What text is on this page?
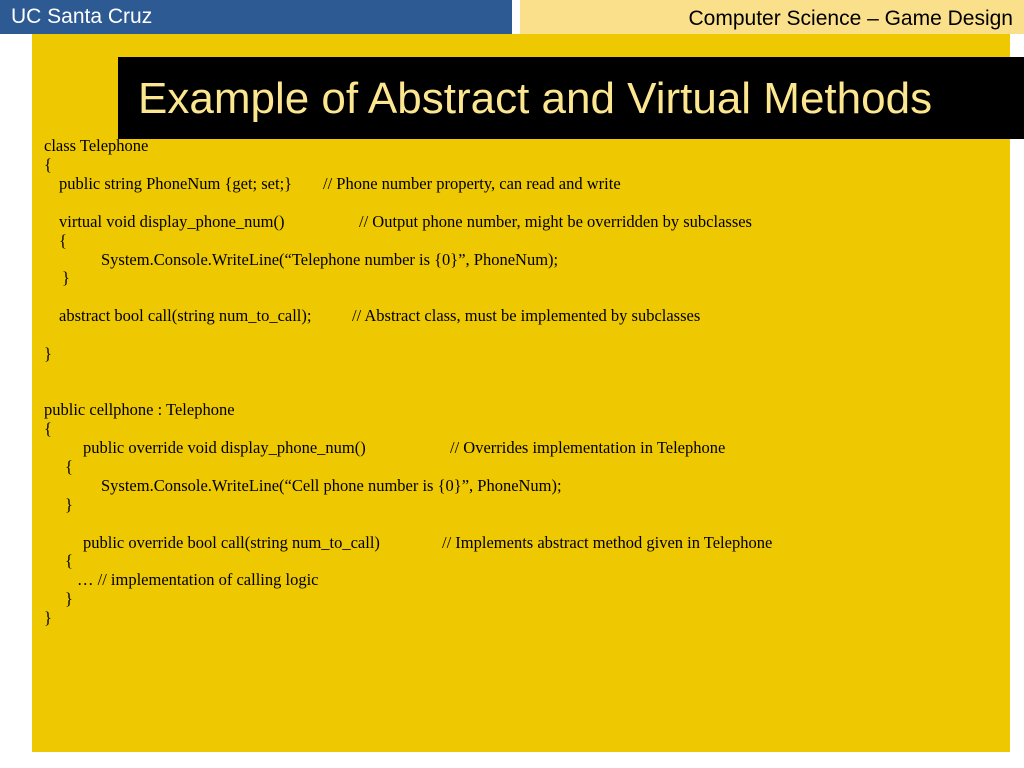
UC Santa Cruz	Computer Science – Game Design
Example of Abstract and Virtual Methods
class Telephone
{
public string PhoneNum {get; set;} // Phone number property, can read and write
virtual void display_phone_num()	// Output phone number, might be overridden by subclasses
{
System.Console.WriteLine(“Telephone number is {0}”, PhoneNum);
}
abstract bool call(string num_to_call); // Abstract class, must be implemented by subclasses
}
public cellphone : Telephone
{
public override void display_phone_num()	// Overrides implementation in Telephone
{
System.Console.WriteLine(“Cell phone number is {0}”, PhoneNum);
}
public override bool call(string num_to_call)	// Implements abstract method given in Telephone
{
… // implementation of calling logic
}
}
